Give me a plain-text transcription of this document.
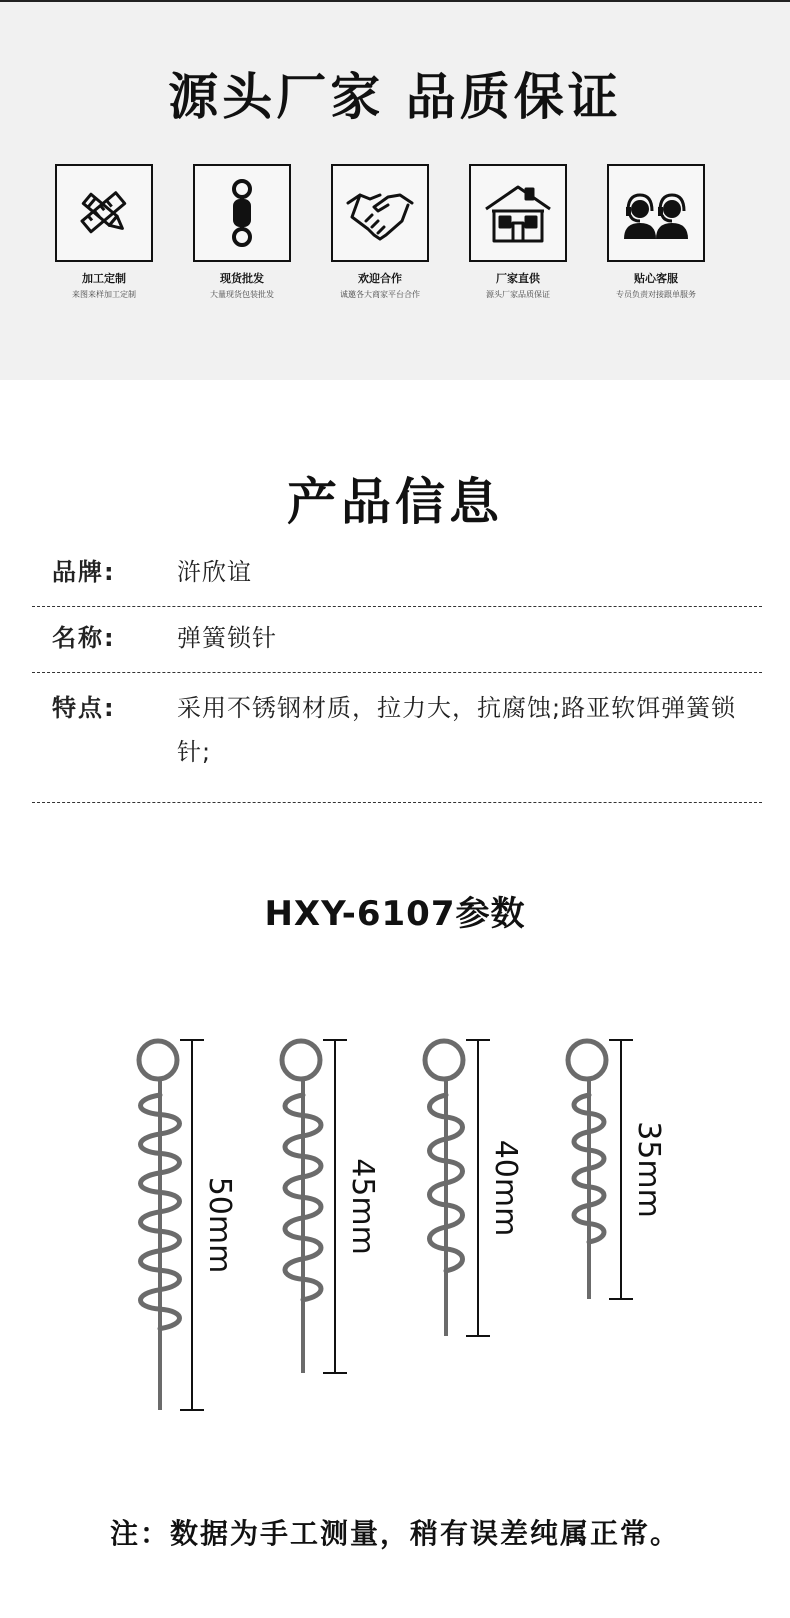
源头厂家 品质保证
加工定制
来图来样加工定制
现货批发
大量现货包装批发
欢迎合作
诚邀各大商家平台合作
厂家直供
源头厂家品质保证
贴心客服
专员负责对接跟单服务
产品信息
品牌:	浒欣谊
名称:	弹簧锁针
特点:	采用不锈钢材质，拉力大，抗腐蚀;路亚软饵弹簧锁针;
HXY-6107参数
50mm	45mm	40mm	35mm
注：数据为手工测量，稍有误差纯属正常。
